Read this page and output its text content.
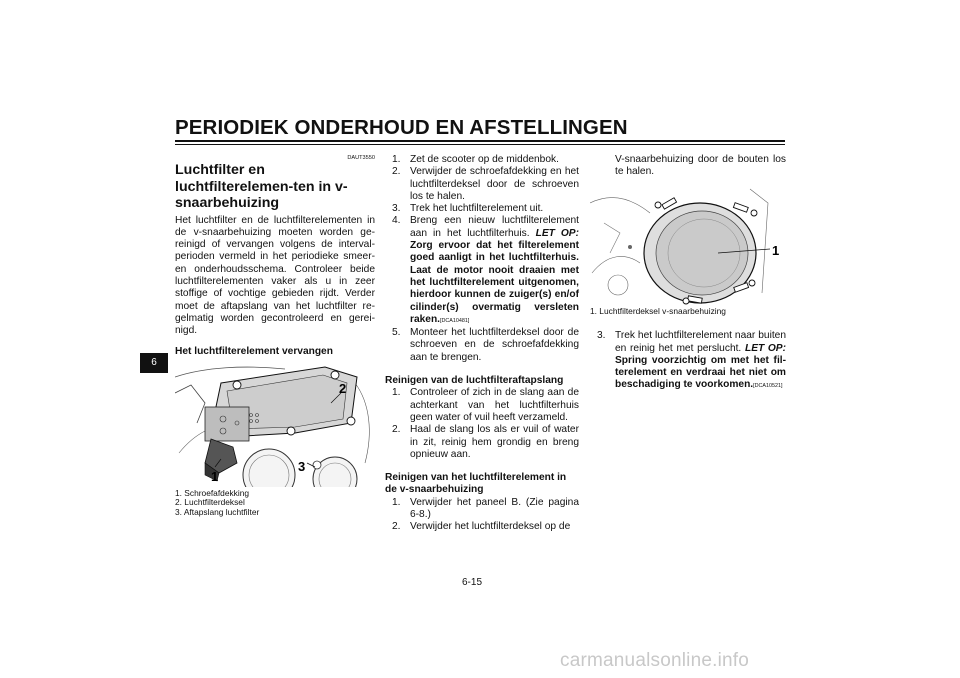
PERIODIEK ONDERHOUD EN AFSTELLINGEN
6
DAUT3550
Luchtfilter en luchtfilterelemen-ten in v-snaarbehuizing
Het luchtfilter en de luchtfilterelementen in de v-snaarbehuizing moeten worden ge-reinigd of vervangen volgens de interval-perioden vermeld in het periodieke smeer-en onderhoudsschema. Controleer beide luchtfilterelementen vaker als u in zeer stoffige of vochtige gebieden rijdt. Verder moet de aftapslang van het luchtfilter re-gelmatig worden gecontroleerd en gerei-nigd.
Het luchtfilterelement vervangen
1
2
3
1. Schroefafdekking
2. Luchtfilterdeksel
3. Aftapslang luchtfilter
1. Zet de scooter op de middenbok.
2. Verwijder de schroefafdekking en het luchtfilterdeksel door de schroeven los te halen.
3. Trek het luchtfilterelement uit.
4. Breng een nieuw luchtfilterelement aan in het luchtfilterhuis. LET OP: Zorg ervoor dat het filterelement goed aanligt in het luchtfilterhuis. Laat de motor nooit draaien met het luchtfilterelement uitgenomen, hierdoor kunnen de zuiger(s) en/of cilinder(s) overmatig versleten raken.[DCA10481]
5. Monteer het luchtfilterdeksel door de schroeven en de schroefafdekking aan te brengen.
Reinigen van de luchtfilteraftapslang
1. Controleer of zich in de slang aan de achterkant van het luchtfilterhuis geen water of vuil heeft verzameld.
2. Haal de slang los als er vuil of water in zit, reinig hem grondig en breng opnieuw aan.
Reinigen van het luchtfilterelement in de v-snaarbehuizing
1. Verwijder het paneel B. (Zie pagina 6-8.)
2. Verwijder het luchtfilterdeksel op de
V-snaarbehuizing door de bouten los te halen.
1
1. Luchtfilterdeksel v-snaarbehuizing
3. Trek het luchtfilterelement naar buiten en reinig het met perslucht. LET OP: Spring voorzichtig om met het fil-terelement en verdraai het niet om beschadiging te voorkomen.[DCA10521]
6-15
carmanualsonline.info
